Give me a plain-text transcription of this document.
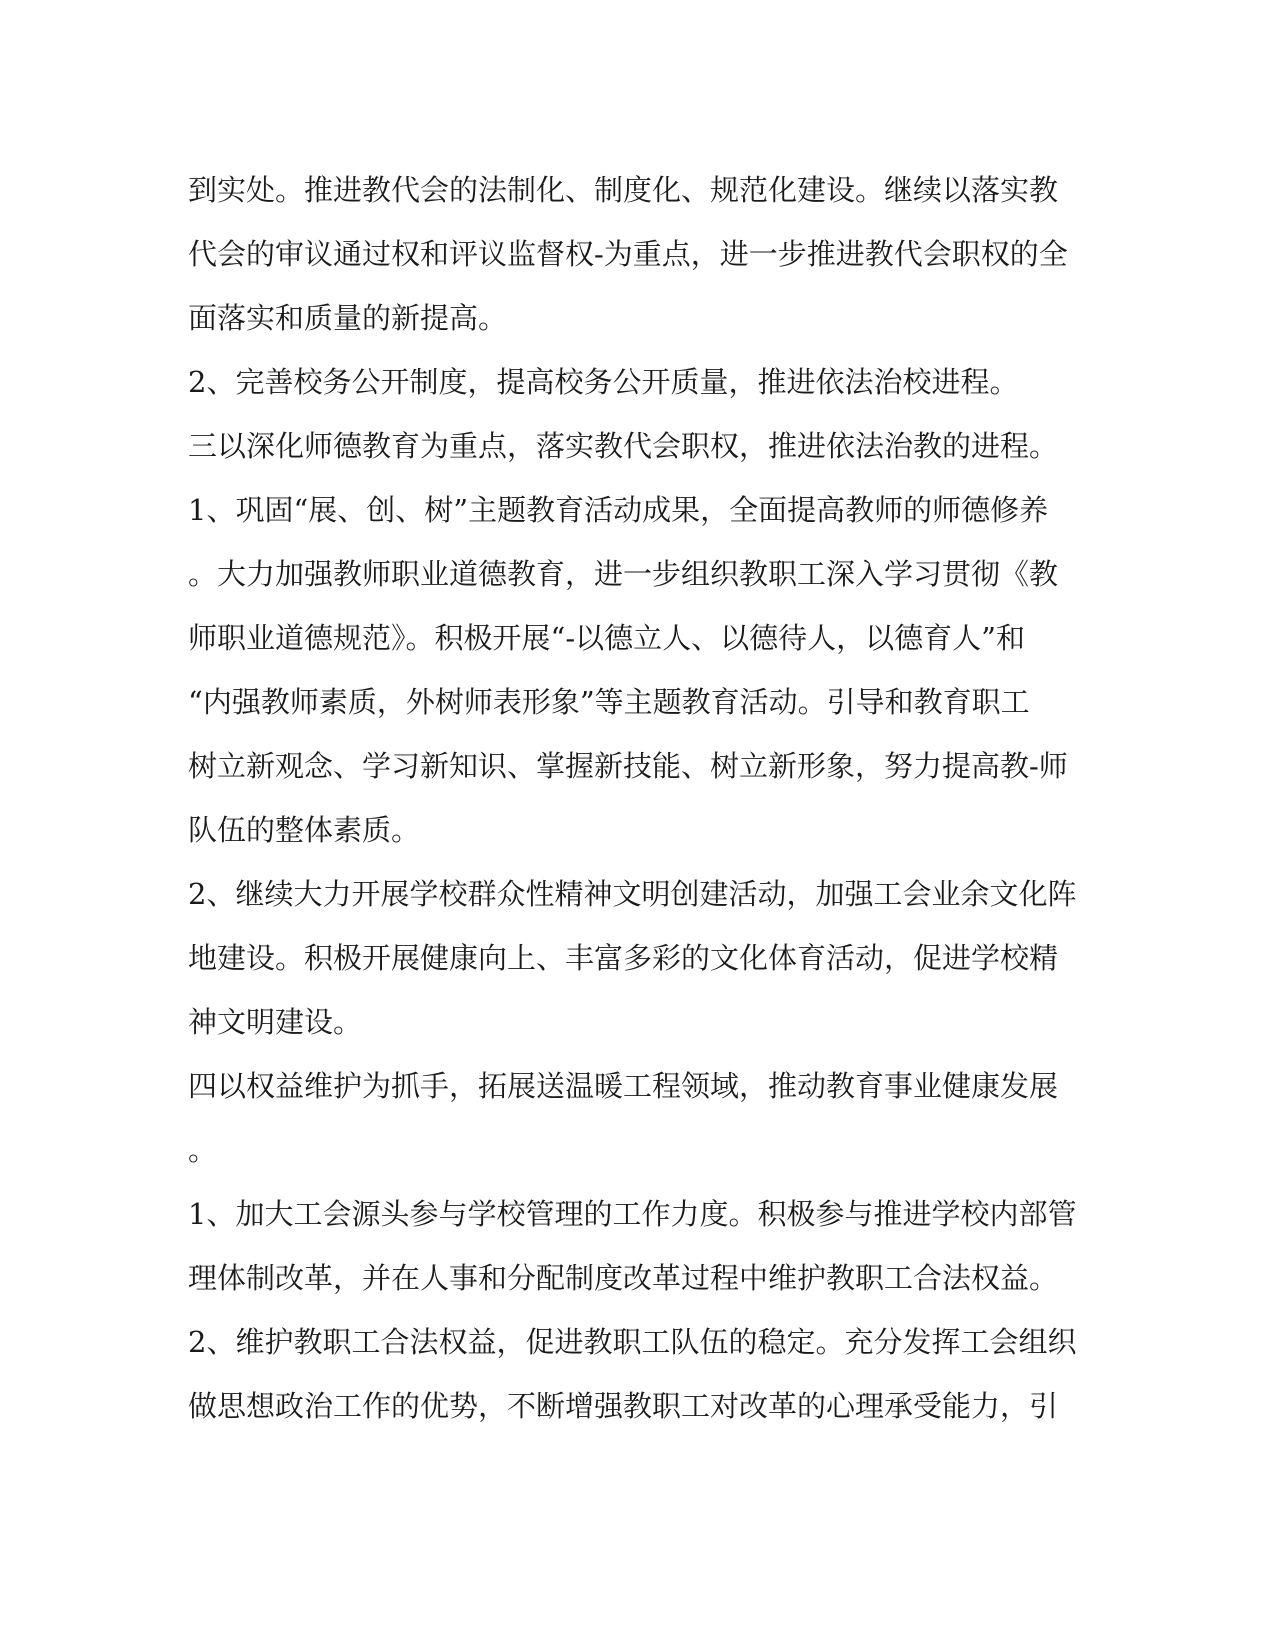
到实处。推进教代会的法制化、制度化、规范化建设。继续以落实教
代会的审议通过权和评议监督权-为重点，进一步推进教代会职权的全
面落实和质量的新提高。
2、完善校务公开制度，提高校务公开质量，推进依法治校进程。
三以深化师德教育为重点，落实教代会职权，推进依法治教的进程。
1、巩固“展、创、树”主题教育活动成果，全面提高教师的师德修养
。大力加强教师职业道德教育，进一步组织教职工深入学习贯彻《教
师职业道德规范》。积极开展“-以德立人、以德待人，以德育人”和
“内强教师素质，外树师表形象”等主题教育活动。引导和教育职工
树立新观念、学习新知识、掌握新技能、树立新形象，努力提高教-师
队伍的整体素质。
2、继续大力开展学校群众性精神文明创建活动，加强工会业余文化阵
地建设。积极开展健康向上、丰富多彩的文化体育活动，促进学校精
神文明建设。
四以权益维护为抓手，拓展送温暖工程领域，推动教育事业健康发展
。
1、加大工会源头参与学校管理的工作力度。积极参与推进学校内部管
理体制改革，并在人事和分配制度改革过程中维护教职工合法权益。
2、维护教职工合法权益，促进教职工队伍的稳定。充分发挥工会组织
做思想政治工作的优势，不断增强教职工对改革的心理承受能力，引
